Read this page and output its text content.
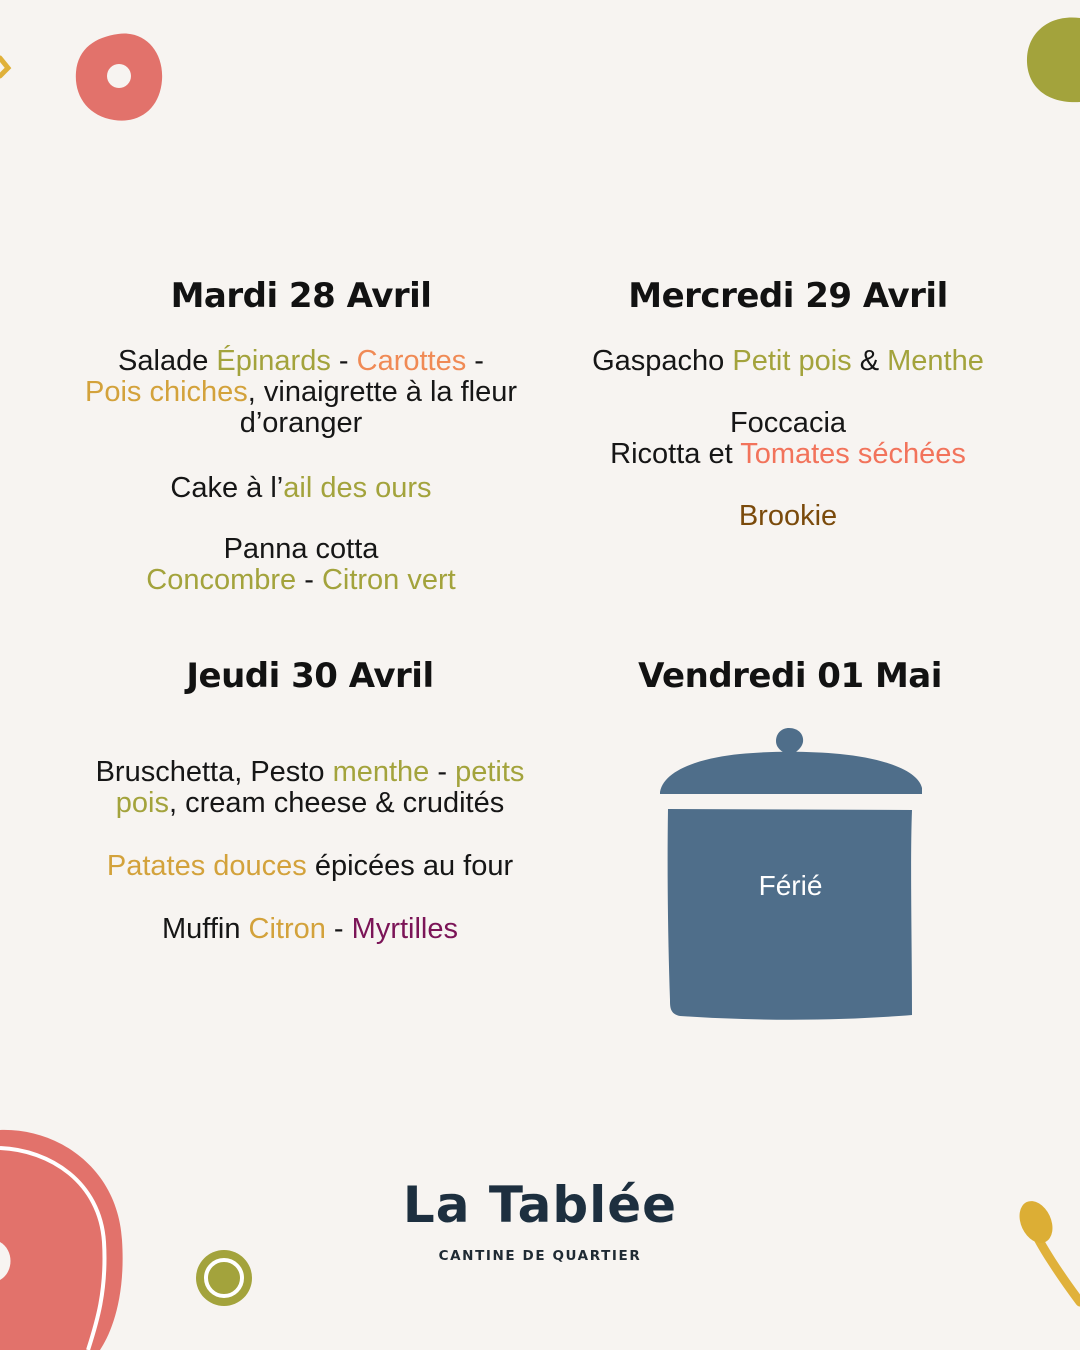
Mardi 28 Avril
Salade Épinards - Carottes -
Pois chiches, vinaigrette à la fleur
d’oranger
Cake à l’ail des ours
Panna cotta
Concombre - Citron vert
Mercredi 29 Avril
Gaspacho Petit pois & Menthe
Foccacia
Ricotta et Tomates séchées
Brookie
Jeudi 30 Avril
Bruschetta, Pesto menthe - petits
pois, cream cheese & crudités
Patates douces épicées au four
Muffin Citron - Myrtilles
Vendredi 01 Mai
Férié
La Tablée
CANTINE DE QUARTIER
